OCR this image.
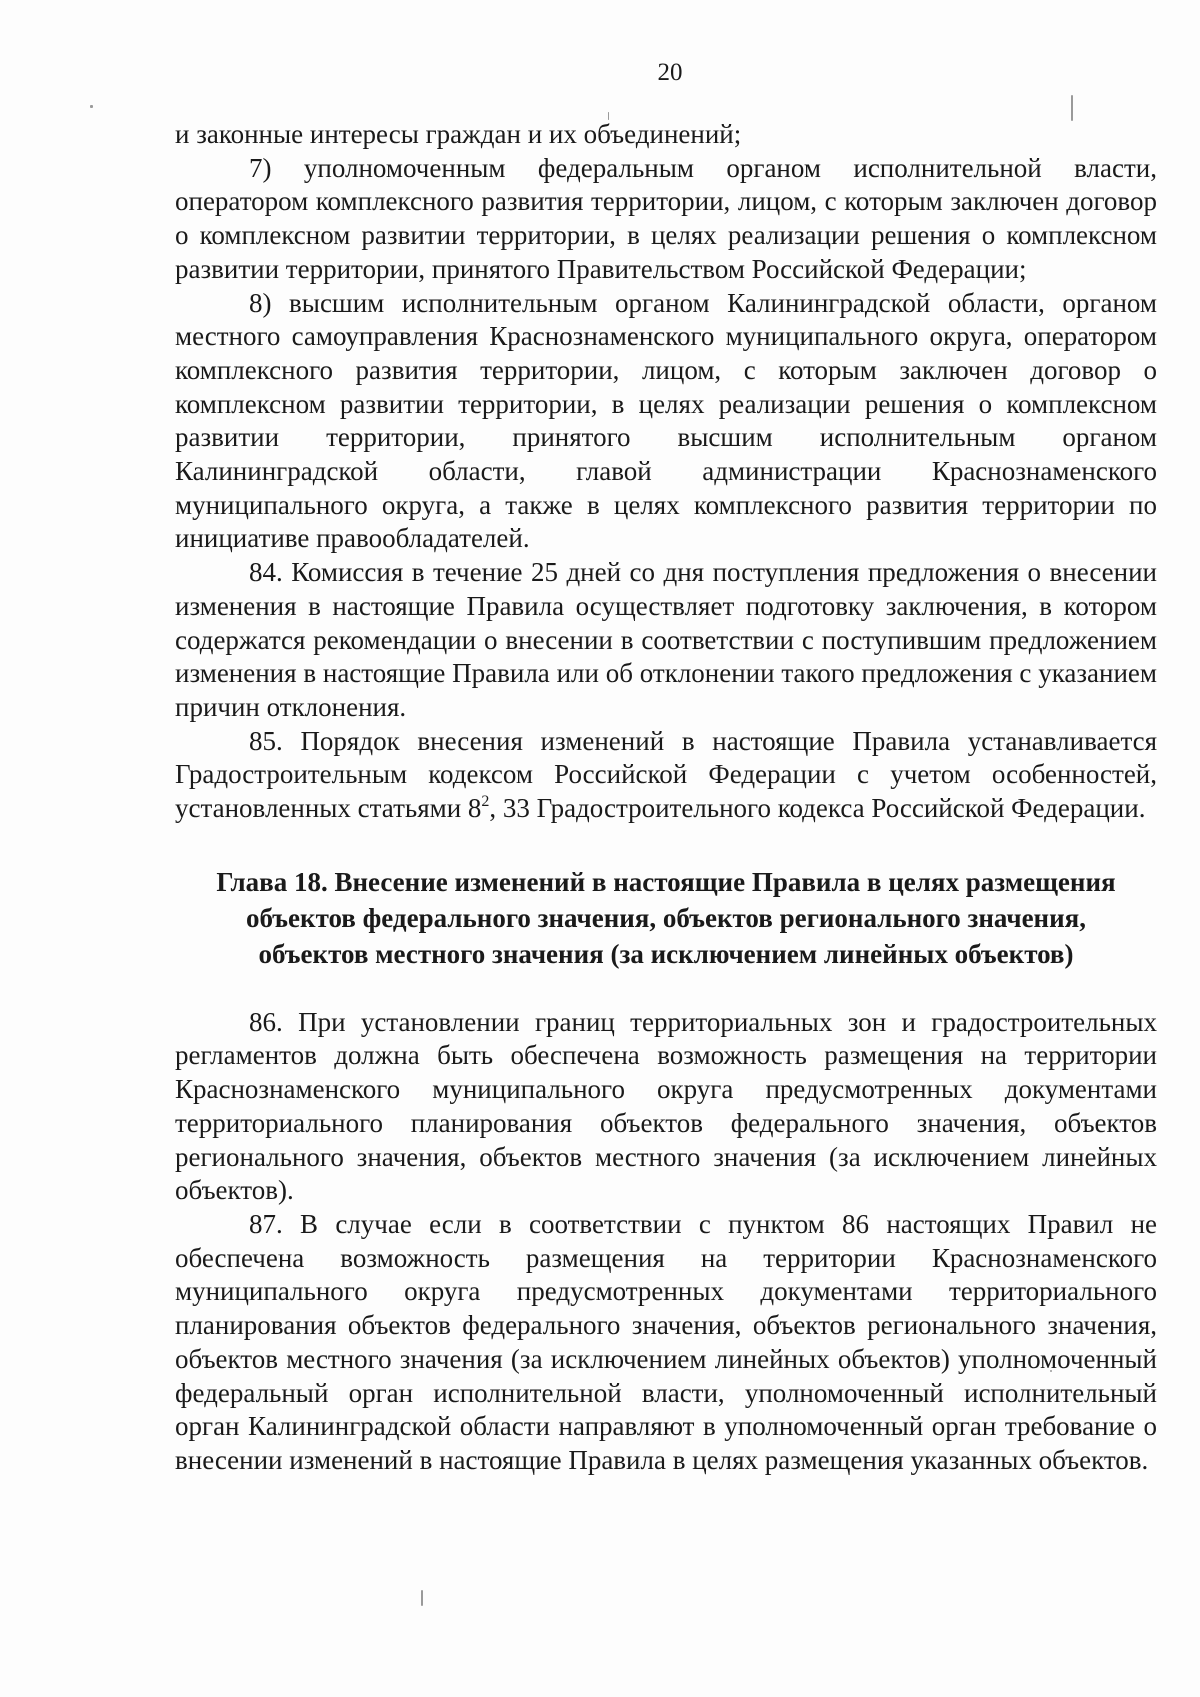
20

и законные интересы граждан и их объединений;

7) уполномоченным федеральным органом исполнительной власти, оператором комплексного развития территории, лицом, с которым заключен договор о комплексном развитии территории, в целях реализации решения о комплексном развитии территории, принятого Правительством Российской Федерации;

8) высшим исполнительным органом Калининградской области, органом местного самоуправления Краснознаменского муниципального округа, оператором комплексного развития территории, лицом, с которым заключен договор о комплексном развитии территории, в целях реализации решения о комплексном развитии территории, принятого высшим исполнительным органом Калининградской области, главой администрации Краснознаменского муниципального округа, а также в целях комплексного развития территории по инициативе правообладателей.

84. Комиссия в течение 25 дней со дня поступления предложения о внесении изменения в настоящие Правила осуществляет подготовку заключения, в котором содержатся рекомендации о внесении в соответствии с поступившим предложением изменения в настоящие Правила или об отклонении такого предложения с указанием причин отклонения.

85. Порядок внесения изменений в настоящие Правила устанавливается Градостроительным кодексом Российской Федерации с учетом особенностей, установленных статьями $8^2$, 33 Градостроительного кодекса Российской Федерации.

Глава 18. Внесение изменений в настоящие Правила в целях размещения
объектов федерального значения, объектов регионального значения,
объектов местного значения (за исключением линейных объектов)

86. При установлении границ территориальных зон и градостроительных регламентов должна быть обеспечена возможность размещения на территории Краснознаменского муниципального округа предусмотренных документами территориального планирования объектов федерального значения, объектов регионального значения, объектов местного значения (за исключением линейных объектов).

87. В случае если в соответствии с пунктом 86 настоящих Правил не обеспечена возможность размещения на территории Краснознаменского муниципального округа предусмотренных документами территориального планирования объектов федерального значения, объектов регионального значения, объектов местного значения (за исключением линейных объектов) уполномоченный федеральный орган исполнительной власти, уполномоченный исполнительный орган Калининградской области направляют в уполномоченный орган требование о внесении изменений в настоящие Правила в целях размещения указанных объектов.
